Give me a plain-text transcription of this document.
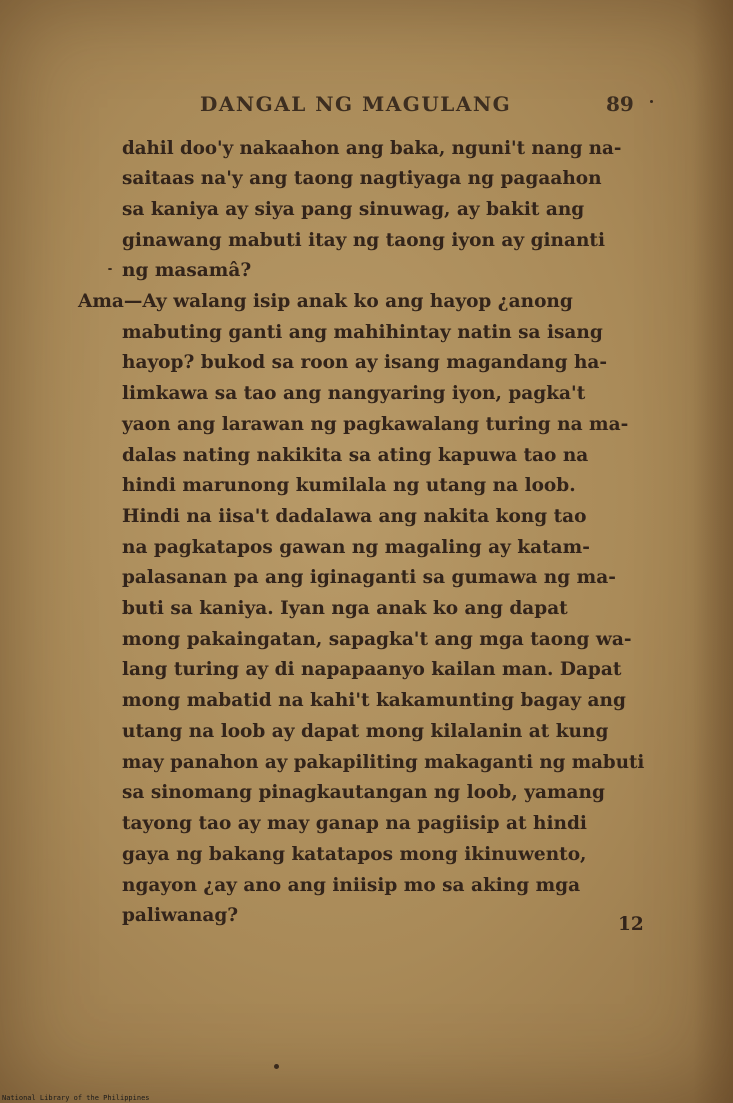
DANGAL NG MAGULANG	89
dahil doo'y nakaahon ang baka, nguni't nang na-
saitaas na'y ang taong nagtiyaga ng pagaahon
sa kaniya ay siya pang sinuwag, ay bakit ang
ginawang mabuti itay ng taong iyon ay ginanti
ng masamâ?
Ama—Ay walang isip anak ko ang hayop ¿anong
mabuting ganti ang mahihintay natin sa isang
hayop? bukod sa roon ay isang magandang ha-
limkawa sa tao ang nangyaring iyon, pagka't
yaon ang larawan ng pagkawalang turing na ma-
dalas nating nakikita sa ating kapuwa tao na
hindi marunong kumilala ng utang na loob.
Hindi na iisa't dadalawa ang nakita kong tao
na pagkatapos gawan ng magaling ay katam-
palasanan pa ang iginaganti sa gumawa ng ma-
buti sa kaniya. Iyan nga anak ko ang dapat
mong pakaingatan, sapagka't ang mga taong wa-
lang turing ay di napapaanyo kailan man. Dapat
mong mabatid na kahi't kakamunting bagay ang
utang na loob ay dapat mong kilalanin at kung
may panahon ay pakapiliting makaganti ng mabuti
sa sinomang pinagkautangan ng loob, yamang
tayong tao ay may ganap na pagiisip at hindi
gaya ng bakang katatapos mong ikinuwento,
ngayon ¿ay ano ang iniisip mo sa aking mga
paliwanag?	12
National Library of the Philippines
